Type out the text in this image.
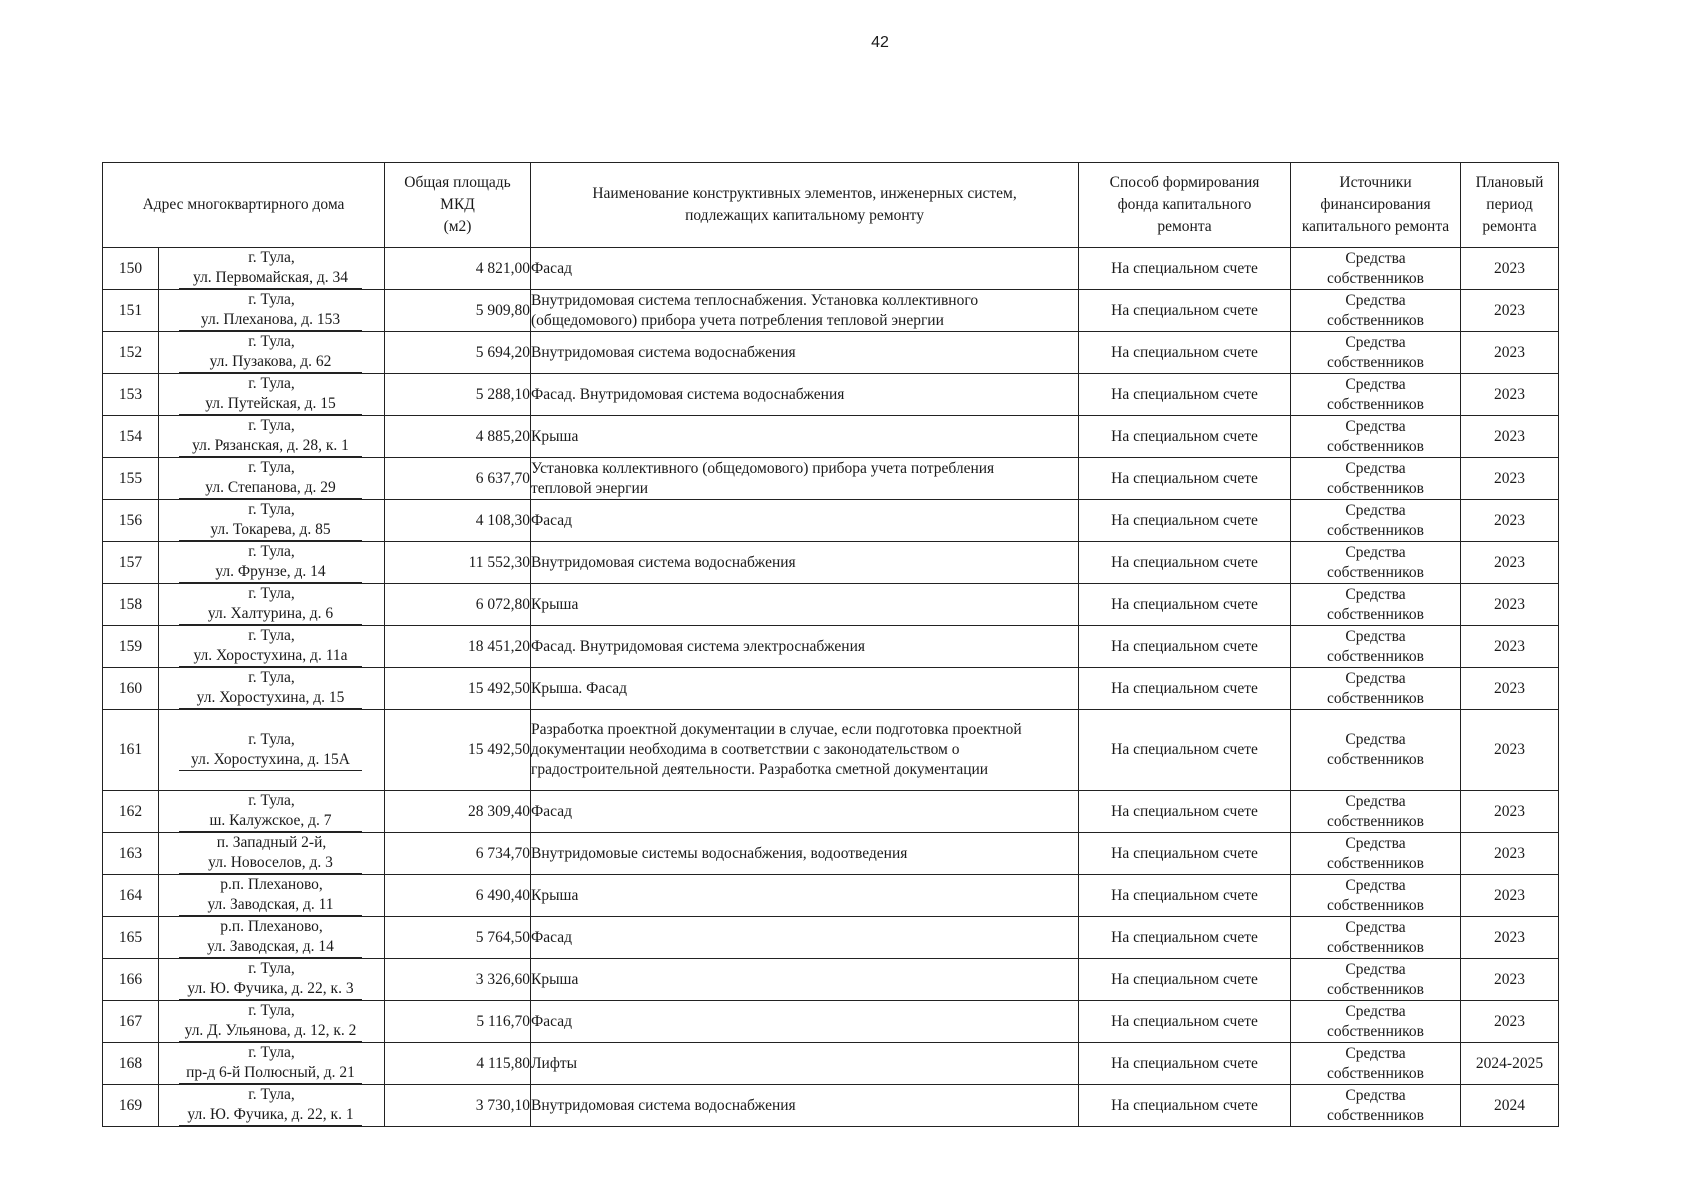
42
Адрес многоквартирного дома		Общая площадь
МКД
(м2)	Наименование конструктивных элементов, инженерных систем,
подлежащих капитальному ремонту	Способ формирования
фонда капитального
ремонта	Источники
финансирования
капитального ремонта	Плановый
период
ремонта

150	г. Тула,
ул. Первомайская, д. 34	4 821,00	Фасад	На специальном счете	Средства
собственников	2023
151	г. Тула,
ул. Плеханова, д. 153	5 909,80	Внутридомовая система теплоснабжения. Установка коллективного
(общедомового) прибора учета потребления тепловой энергии	На специальном счете	Средства
собственников	2023
152	г. Тула,
ул. Пузакова, д. 62	5 694,20	Внутридомовая система водоснабжения	На специальном счете	Средства
собственников	2023
153	г. Тула,
ул. Путейская, д. 15	5 288,10	Фасад. Внутридомовая система водоснабжения	На специальном счете	Средства
собственников	2023
154	г. Тула,
ул. Рязанская, д. 28, к. 1	4 885,20	Крыша	На специальном счете	Средства
собственников	2023
155	г. Тула,
ул. Степанова, д. 29	6 637,70	Установка коллективного (общедомового) прибора учета потребления
тепловой энергии	На специальном счете	Средства
собственников	2023
156	г. Тула,
ул. Токарева, д. 85	4 108,30	Фасад	На специальном счете	Средства
собственников	2023
157	г. Тула,
ул. Фрунзе, д. 14	11 552,30	Внутридомовая система водоснабжения	На специальном счете	Средства
собственников	2023
158	г. Тула,
ул. Халтурина, д. 6	6 072,80	Крыша	На специальном счете	Средства
собственников	2023
159	г. Тула,
ул. Хоростухина, д. 11а	18 451,20	Фасад. Внутридомовая система электроснабжения	На специальном счете	Средства
собственников	2023
160	г. Тула,
ул. Хоростухина, д. 15	15 492,50	Крыша. Фасад	На специальном счете	Средства
собственников	2023
161	г. Тула,
ул. Хоростухина, д. 15А	15 492,50	Разработка проектной документации в случае, если подготовка проектной
документации необходима в соответствии с законодательством о
градостроительной деятельности. Разработка сметной документации	На специальном счете	Средства
собственников	2023
162	г. Тула,
ш. Калужское, д. 7	28 309,40	Фасад	На специальном счете	Средства
собственников	2023
163	п. Западный 2-й,
ул. Новоселов, д. 3	6 734,70	Внутридомовые системы водоснабжения, водоотведения	На специальном счете	Средства
собственников	2023
164	р.п. Плеханово,
ул. Заводская, д. 11	6 490,40	Крыша	На специальном счете	Средства
собственников	2023
165	р.п. Плеханово,
ул. Заводская, д. 14	5 764,50	Фасад	На специальном счете	Средства
собственников	2023
166	г. Тула,
ул. Ю. Фучика, д. 22, к. 3	3 326,60	Крыша	На специальном счете	Средства
собственников	2023
167	г. Тула,
ул. Д. Ульянова, д. 12, к. 2	5 116,70	Фасад	На специальном счете	Средства
собственников	2023
168	г. Тула,
пр-д 6-й Полюсный, д. 21	4 115,80	Лифты	На специальном счете	Средства
собственников	2024-2025
169	г. Тула,
ул. Ю. Фучика, д. 22, к. 1	3 730,10	Внутридомовая система водоснабжения	На специальном счете	Средства
собственников	2024
